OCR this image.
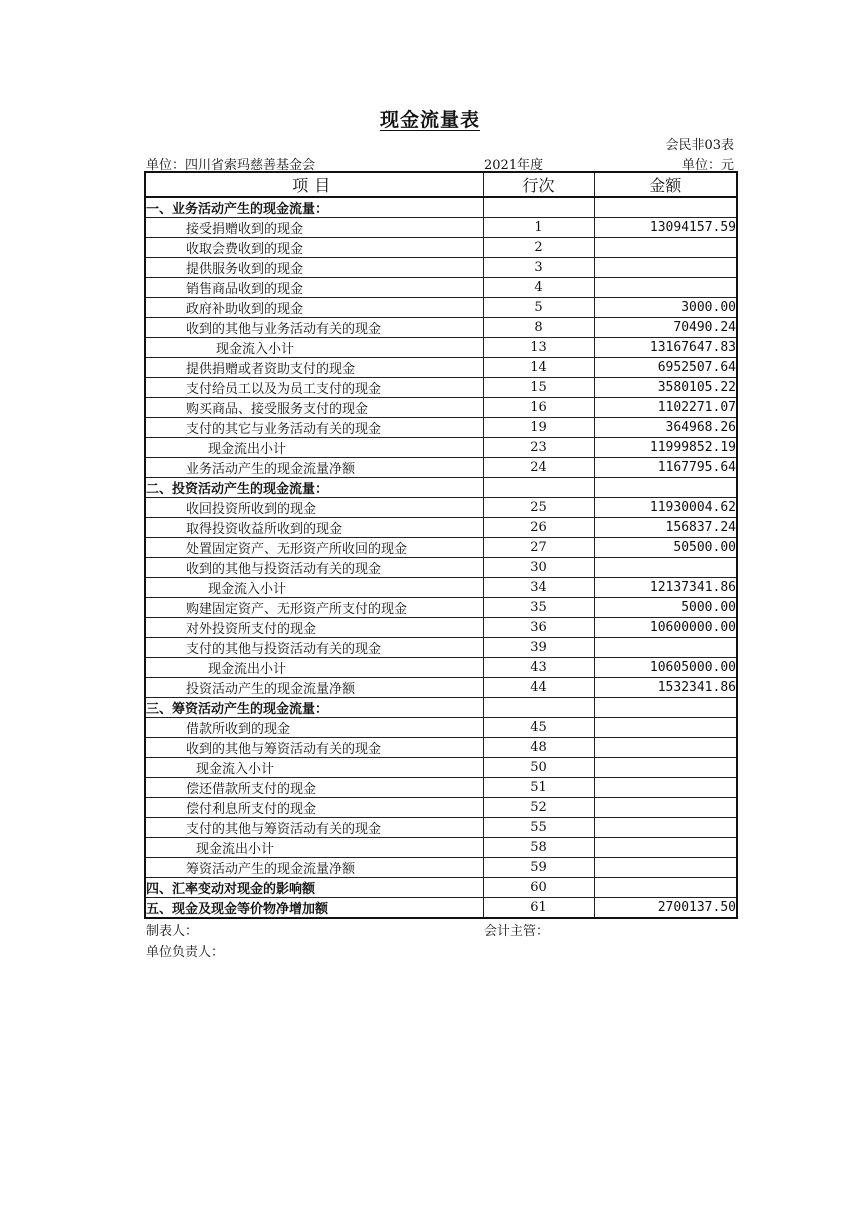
现金流量表
会民非03表
单位：四川省索玛慈善基金会	2021年度	单位：元
项目	行次	金额
一、业务活动产生的现金流量：		
接受捐赠收到的现金	1	13094157.59
收取会费收到的现金	2	
提供服务收到的现金	3	
销售商品收到的现金	4	
政府补助收到的现金	5	3000.00
收到的其他与业务活动有关的现金	8	70490.24
现金流入小计	13	13167647.83
提供捐赠或者资助支付的现金	14	6952507.64
支付给员工以及为员工支付的现金	15	3580105.22
购买商品、接受服务支付的现金	16	1102271.07
支付的其它与业务活动有关的现金	19	364968.26
现金流出小计	23	11999852.19
业务活动产生的现金流量净额	24	1167795.64
二、投资活动产生的现金流量：		
收回投资所收到的现金	25	11930004.62
取得投资收益所收到的现金	26	156837.24
处置固定资产、无形资产所收回的现金	27	50500.00
收到的其他与投资活动有关的现金	30	
现金流入小计	34	12137341.86
购建固定资产、无形资产所支付的现金	35	5000.00
对外投资所支付的现金	36	10600000.00
支付的其他与投资活动有关的现金	39	
现金流出小计	43	10605000.00
投资活动产生的现金流量净额	44	1532341.86
三、筹资活动产生的现金流量：		
借款所收到的现金	45	
收到的其他与筹资活动有关的现金	48	
现金流入小计	50	
偿还借款所支付的现金	51	
偿付利息所支付的现金	52	
支付的其他与筹资活动有关的现金	55	
现金流出小计	58	
筹资活动产生的现金流量净额	59	
四、汇率变动对现金的影响额	60	
五、现金及现金等价物净增加额	61	2700137.50
制表人：	会计主管：
单位负责人：
